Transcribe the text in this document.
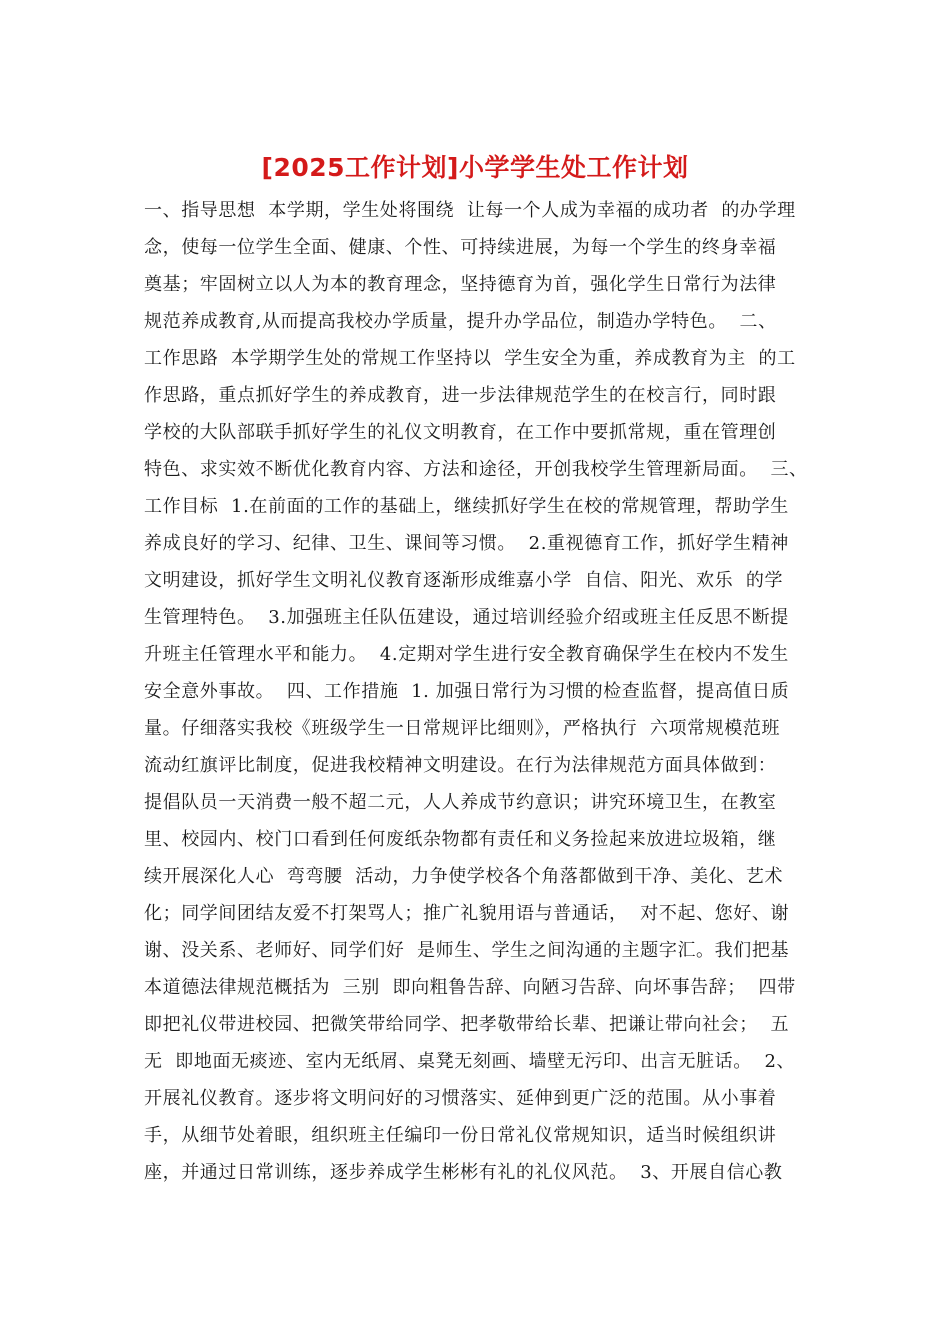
[2025工作计划]小学学生处工作计划
一、指导思想  本学期，学生处将围绕  让每一个人成为幸福的成功者  的办学理
念，使每一位学生全面、健康、个性、可持续进展，为每一个学生的终身幸福
奠基；牢固树立以人为本的教育理念，坚持德育为首，强化学生日常行为法律
规范养成教育,从而提高我校办学质量，提升办学品位，制造办学特色。  二、
工作思路  本学期学生处的常规工作坚持以  学生安全为重，养成教育为主  的工
作思路，重点抓好学生的养成教育，进一步法律规范学生的在校言行，同时跟
学校的大队部联手抓好学生的礼仪文明教育，在工作中要抓常规，重在管理创
特色、求实效不断优化教育内容、方法和途径，开创我校学生管理新局面。  三、
工作目标  1.在前面的工作的基础上，继续抓好学生在校的常规管理，帮助学生
养成良好的学习、纪律、卫生、课间等习惯。  2.重视德育工作，抓好学生精神
文明建设，抓好学生文明礼仪教育逐渐形成维嘉小学  自信、阳光、欢乐  的学
生管理特色。  3.加强班主任队伍建设，通过培训经验介绍或班主任反思不断提
升班主任管理水平和能力。  4.定期对学生进行安全教育确保学生在校内不发生
安全意外事故。  四、工作措施  1. 加强日常行为习惯的检查监督，提高值日质
量。仔细落实我校《班级学生一日常规评比细则》，严格执行  六项常规模范班
流动红旗评比制度，促进我校精神文明建设。在行为法律规范方面具体做到：
提倡队员一天消费一般不超二元，人人养成节约意识；讲究环境卫生，在教室
里、校园内、校门口看到任何废纸杂物都有责任和义务捡起来放进垃圾箱，继
续开展深化人心  弯弯腰  活动，力争使学校各个角落都做到干净、美化、艺术
化；同学间团结友爱不打架骂人；推广礼貌用语与普通话，  对不起、您好、谢
谢、没关系、老师好、同学们好  是师生、学生之间沟通的主题字汇。我们把基
本道德法律规范概括为  三别  即向粗鲁告辞、向陋习告辞、向坏事告辞；  四带
即把礼仪带进校园、把微笑带给同学、把孝敬带给长辈、把谦让带向社会；  五
无  即地面无痰迹、室内无纸屑、桌凳无刻画、墙壁无污印、出言无脏话。  2、
开展礼仪教育。逐步将文明问好的习惯落实、延伸到更广泛的范围。从小事着
手，从细节处着眼，组织班主任编印一份日常礼仪常规知识，适当时候组织讲
座，并通过日常训练，逐步养成学生彬彬有礼的礼仪风范。  3、开展自信心教
